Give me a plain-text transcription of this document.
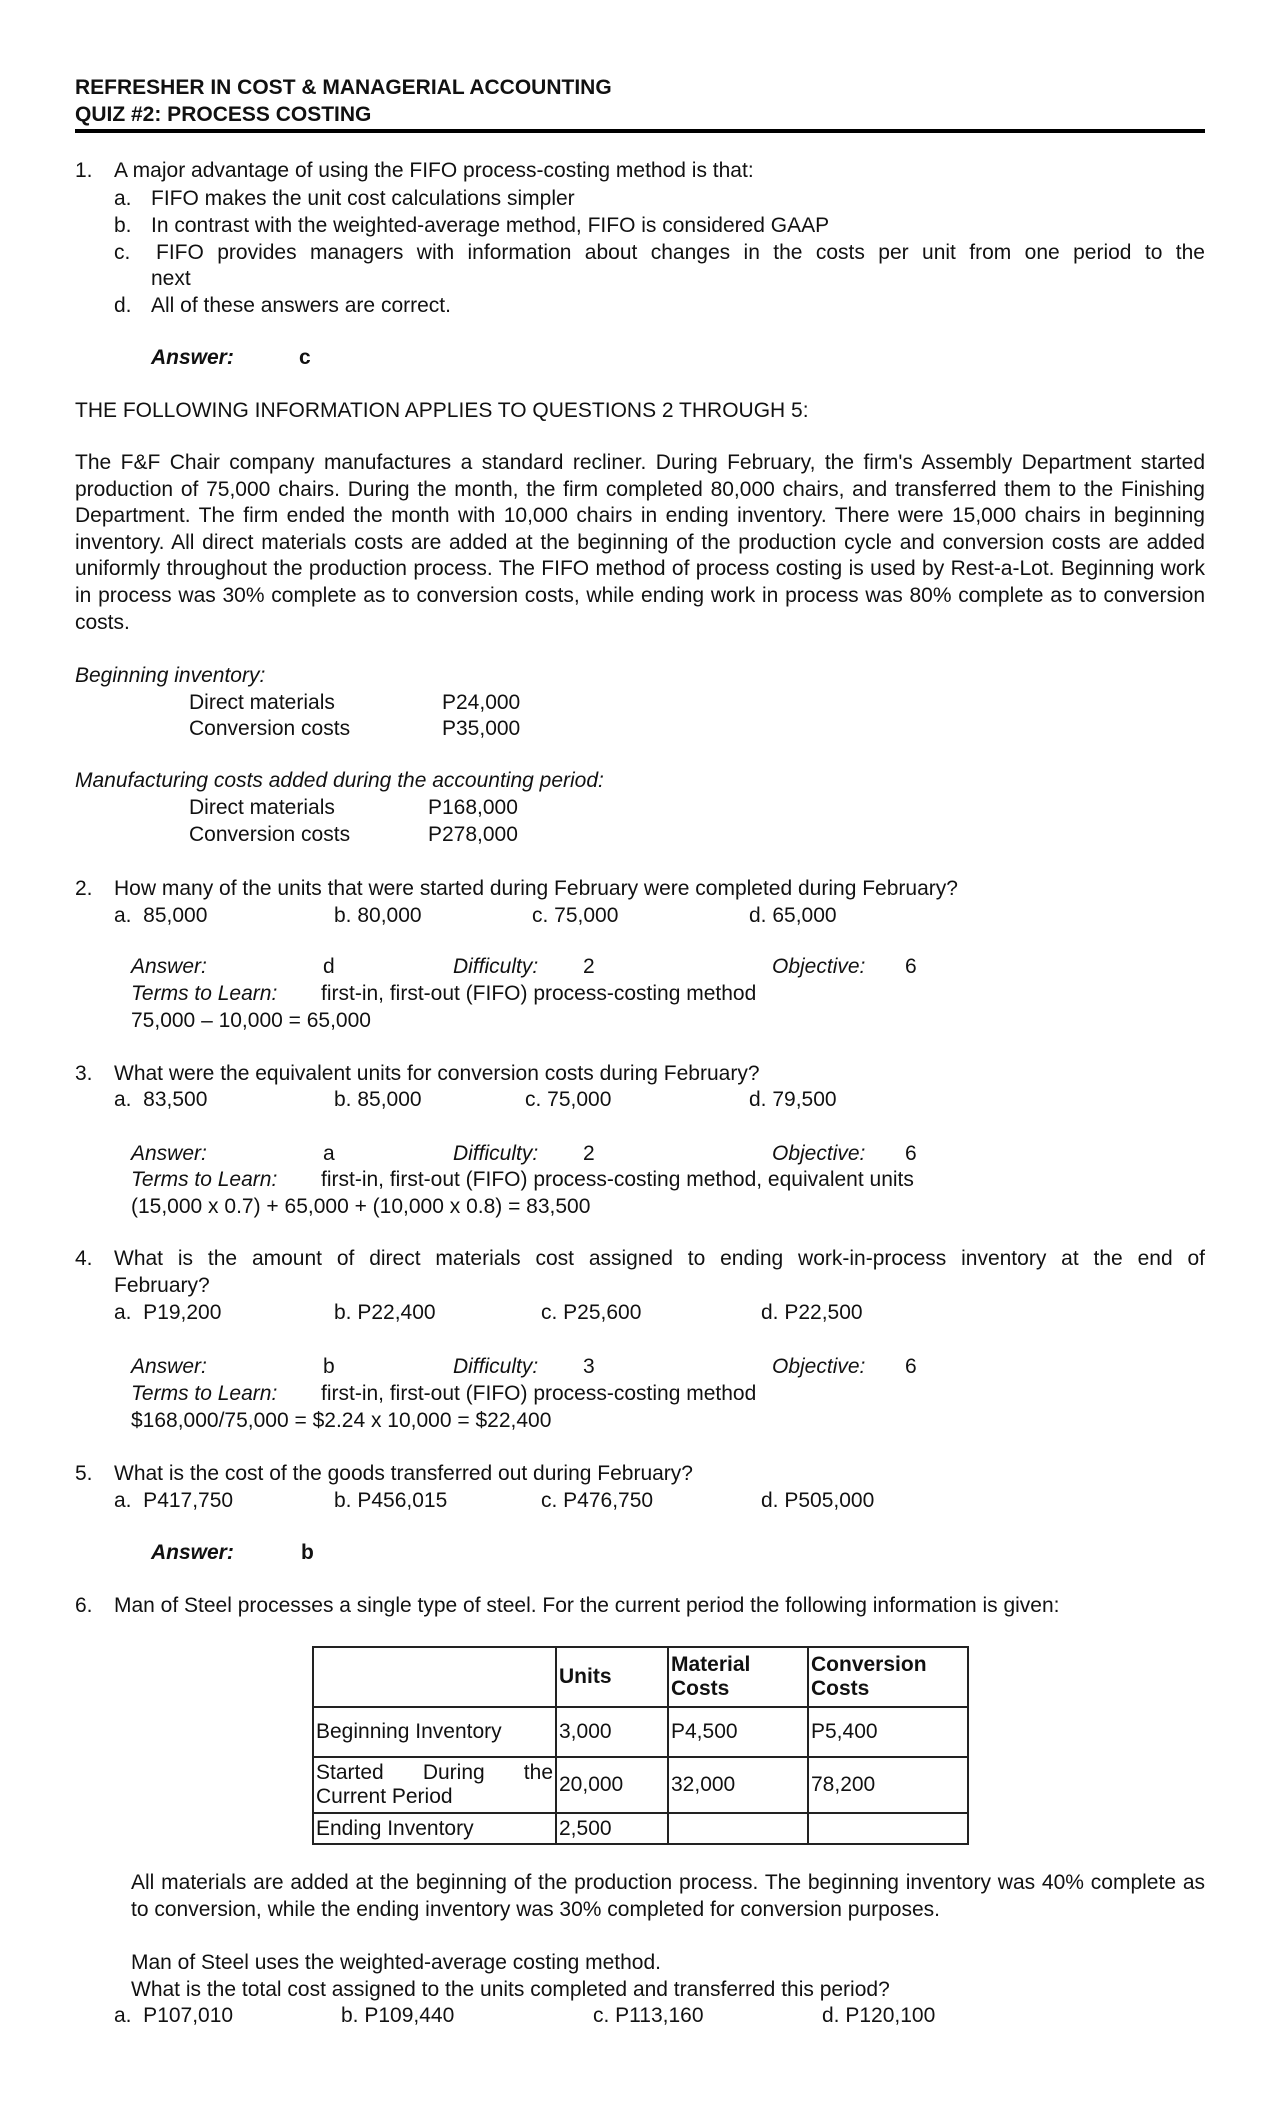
REFRESHER IN COST & MANAGERIAL ACCOUNTING
QUIZ #2: PROCESS COSTING
1. A major advantage of using the FIFO process-costing method is that:
a. FIFO makes the unit cost calculations simpler
b. In contrast with the weighted-average method, FIFO is considered GAAP
c. FIFO provides managers with information about changes in the costs per unit from one period to the
next
d. All of these answers are correct.
Answer:	c
THE FOLLOWING INFORMATION APPLIES TO QUESTIONS 2 THROUGH 5:
The F&F Chair company manufactures a standard recliner. During February, the firm's Assembly Department started production of 75,000 chairs. During the month, the firm completed 80,000 chairs, and transferred them to the Finishing Department. The firm ended the month with 10,000 chairs in ending inventory. There were 15,000 chairs in beginning inventory. All direct materials costs are added at the beginning of the production cycle and conversion costs are added uniformly throughout the production process. The FIFO method of process costing is used by Rest-a-Lot. Beginning work in process was 30% complete as to conversion costs, while ending work in process was 80% complete as to conversion costs.
Beginning inventory:
Direct materials	P24,000
Conversion costs	P35,000
Manufacturing costs added during the accounting period:
Direct materials	P168,000
Conversion costs	P278,000
2. How many of the units that were started during February were completed during February?
a.  85,000	b. 80,000	c. 75,000	d. 65,000
Answer:	d	Difficulty: 2	Objective: 6
Terms to Learn: first-in, first-out (FIFO) process-costing method
75,000 – 10,000 = 65,000
3. What were the equivalent units for conversion costs during February?
a.  83,500	b. 85,000	c. 75,000	d. 79,500
Answer:	a	Difficulty: 2	Objective: 6
Terms to Learn: first-in, first-out (FIFO) process-costing method, equivalent units
(15,000 x 0.7) + 65,000 + (10,000 x 0.8) = 83,500
4. What is the amount of direct materials cost assigned to ending work-in-process inventory at the end of
February?
a.  P19,200	b. P22,400	c. P25,600	d. P22,500
Answer:	b	Difficulty: 3	Objective: 6
Terms to Learn: first-in, first-out (FIFO) process-costing method
$168,000/75,000 = $2.24 x 10,000 = $22,400
5. What is the cost of the goods transferred out during February?
a.  P417,750	b. P456,015	c. P476,750	d. P505,000
Answer:	b
6. Man of Steel processes a single type of steel. For the current period the following information is given:
	Units	Material Costs	Conversion Costs
Beginning Inventory	3,000	P4,500	P5,400
Started During the Current Period	20,000	32,000	78,200
Ending Inventory	2,500		
All materials are added at the beginning of the production process. The beginning inventory was 40% complete as to conversion, while the ending inventory was 30% completed for conversion purposes.
Man of Steel uses the weighted-average costing method.
What is the total cost assigned to the units completed and transferred this period?
a.  P107,010	b. P109,440	c. P113,160	d. P120,100
